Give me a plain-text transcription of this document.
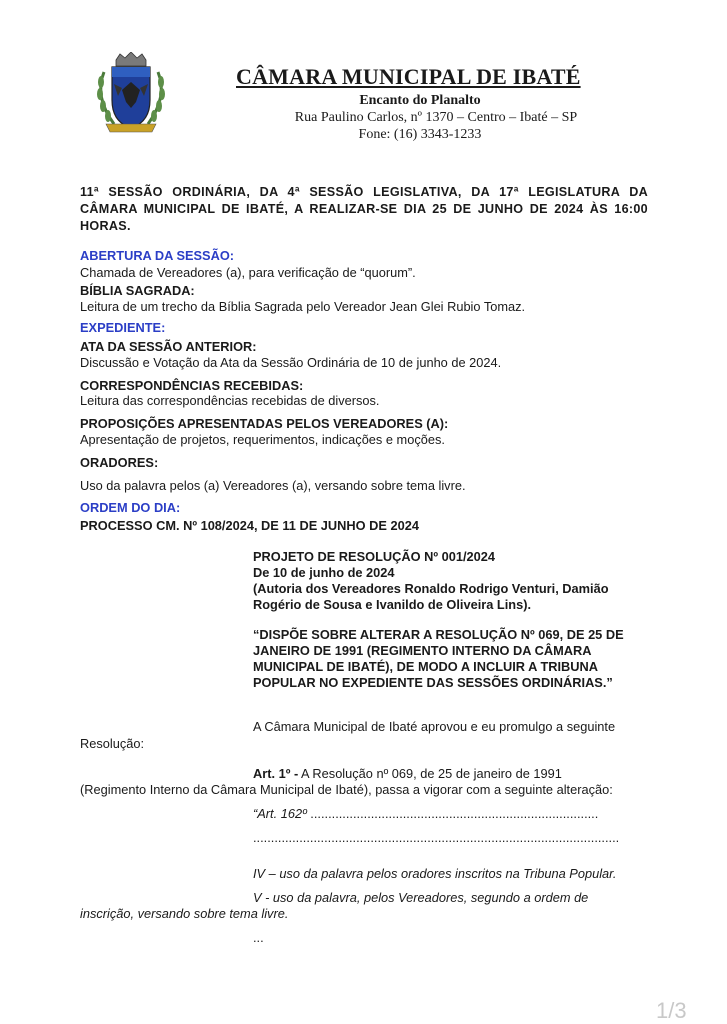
CÂMARA MUNICIPAL DE IBATÉ
Encanto do Planalto
Rua Paulino Carlos, nº 1370 – Centro – Ibaté – SP
Fone: (16) 3343-1233
11ª SESSÃO ORDINÁRIA, DA 4ª SESSÃO LEGISLATIVA, DA 17ª LEGISLATURA DA CÂMARA MUNICIPAL DE IBATÉ, A REALIZAR-SE DIA 25 DE JUNHO DE 2024 ÀS 16:00 HORAS.
ABERTURA DA SESSÃO:
Chamada de Vereadores (a), para verificação de “quorum”.
BÍBLIA SAGRADA:
Leitura de um trecho da Bíblia Sagrada pelo Vereador Jean Glei Rubio Tomaz.
EXPEDIENTE:
ATA DA SESSÃO ANTERIOR:
Discussão e Votação da Ata da Sessão Ordinária de 10 de junho de 2024.
CORRESPONDÊNCIAS RECEBIDAS:
Leitura das correspondências recebidas de diversos.
PROPOSIÇÕES APRESENTADAS PELOS VEREADORES (A):
Apresentação de projetos, requerimentos, indicações e moções.
ORADORES:
Uso da palavra pelos (a) Vereadores (a), versando sobre tema livre.
ORDEM DO DIA:
PROCESSO CM. Nº 108/2024, DE 11 DE JUNHO DE 2024
PROJETO DE RESOLUÇÃO Nº 001/2024
De 10 de junho de 2024
(Autoria dos Vereadores Ronaldo Rodrigo Venturi, Damião
Rogério de Sousa e Ivanildo de Oliveira Lins).
“DISPÕE SOBRE ALTERAR A RESOLUÇÃO Nº 069, DE 25 DE
JANEIRO DE 1991 (REGIMENTO INTERNO DA CÂMARA
MUNICIPAL DE IBATÉ), DE MODO A INCLUIR A TRIBUNA
POPULAR NO EXPEDIENTE DAS SESSÕES ORDINÁRIAS.”
A Câmara Municipal de Ibaté aprovou e eu promulgo a seguinte
Resolução:
Art. 1º - A Resolução nº 069, de 25 de janeiro de 1991
(Regimento Interno da Câmara Municipal de Ibaté), passa a vigorar com a seguinte alteração:
“Art. 162º .................................................................................
.......................................................................................................
IV – uso da palavra pelos oradores inscritos na Tribuna Popular.
V - uso da palavra, pelos Vereadores, segundo a ordem de
inscrição, versando sobre tema livre.
...
1/3
